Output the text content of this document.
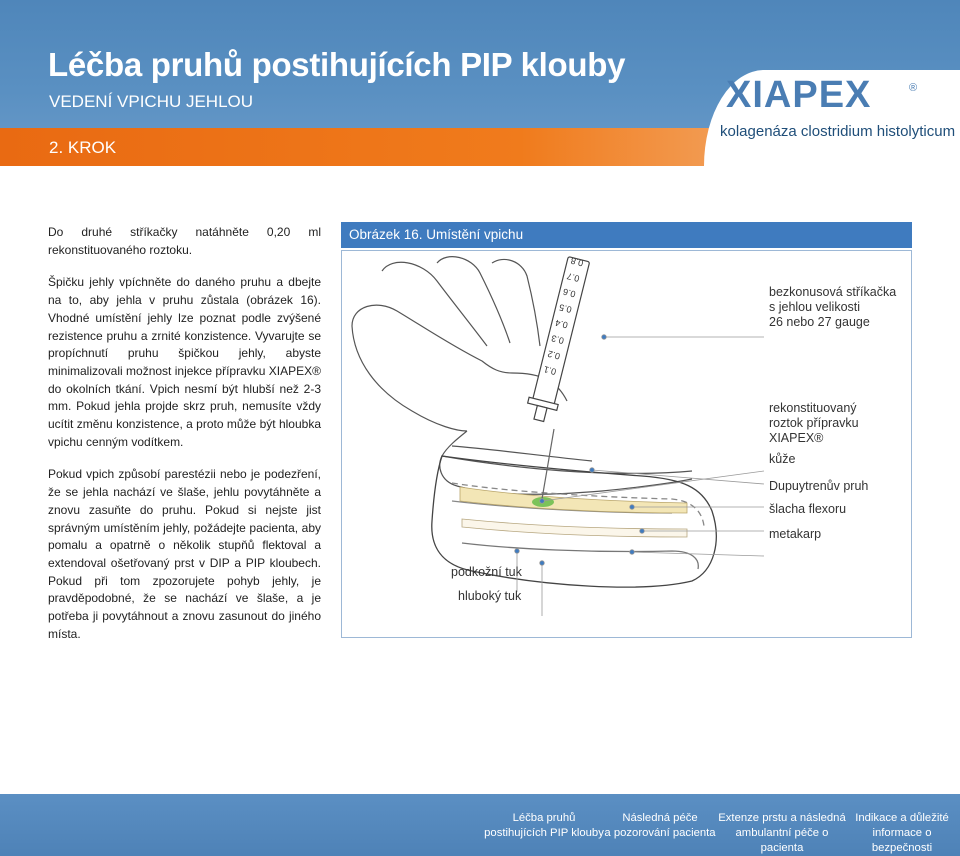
Léčba pruhů postihujících PIP klouby
VEDENÍ VPICHU JEHLOU
2. KROK
XIAPEX	®
kolagenáza clostridium histolyticum

Do druhé stříkačky natáhněte 0,20 ml rekonstituovaného roztoku.

Špičku jehly vpíchněte do daného pruhu a dbejte na to, aby jehla v pruhu zůstala (obrázek 16). Vhodné umístění jehly lze poznat podle zvýšené rezistence pruhu a zrnité konzistence. Vyvarujte se propíchnutí pruhu špičkou jehly, abyste minimalizovali možnost injekce přípravku XIAPEX® do okolních tkání. Vpich nesmí být hlubší než 2-3 mm. Pokud jehla projde skrz pruh, nemusíte vždy ucítit změnu konzistence, a proto může být hloubka vpichu cenným vodítkem.

Pokud vpich způsobí parestézii nebo je podezření, že se jehla nachází ve šlaše, jehlu povytáhněte a znovu zasuňte do pruhu. Pokud si nejste jist správným umístěním jehly, požádejte pacienta, aby pomalu a opatrně o několik stupňů flektoval a extendoval ošetřovaný prst v DIP a PIP kloubech. Pokud při tom zpozorujete pohyb jehly, je pravděpodobné, že se nachází ve šlaše, a je potřeba ji povytáhnout a znovu zasunout do jiného místa.

Obrázek 16. Umístění vpichu
0.1
0.2
0.3
0.4
0.5
0.6
0.7
0.8
bezkonusová stříkačka
s jehlou velikosti
26 nebo 27 gauge
rekonstituovaný
roztok přípravku
XIAPEX®
kůže
Dupuytrenův pruh
šlacha flexoru
metakarp
podkožní tuk
hluboký tuk
Léčba pruhů
postihujících PIP klouby
Následná péče
a pozorování pacienta
Extenze prstu a následná
ambulantní péče o pacienta
Indikace a důležité
informace o bezpečnosti
